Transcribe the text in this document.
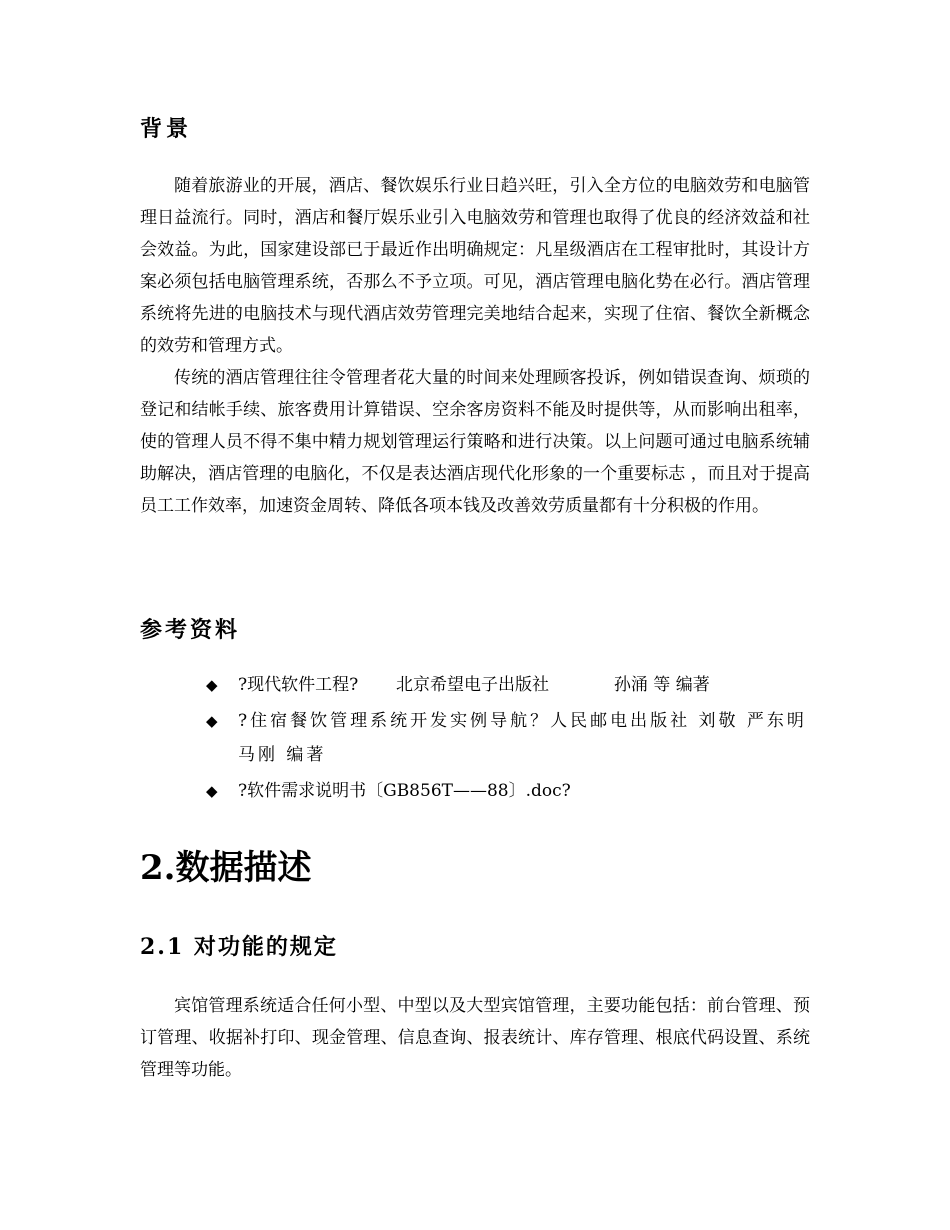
背景

随着旅游业的开展，酒店、餐饮娱乐行业日趋兴旺，引入全方位的电脑效劳和电脑管理日益流行。同时，酒店和餐厅娱乐业引入电脑效劳和管理也取得了优良的经济效益和社会效益。为此，国家建设部已于最近作出明确规定：凡星级酒店在工程审批时，其设计方案必须包括电脑管理系统，否那么不予立项。可见，酒店管理电脑化势在必行。酒店管理系统将先进的电脑技术与现代酒店效劳管理完美地结合起来，实现了住宿、餐饮全新概念的效劳和管理方式。

传统的酒店管理往往令管理者花大量的时间来处理顾客投诉，例如错误查询、烦琐的登记和结帐手续、旅客费用计算错误、空余客房资料不能及时提供等，从而影响出租率，使的管理人员不得不集中精力规划管理运行策略和进行决策。以上问题可通过电脑系统辅助解决，酒店管理的电脑化，不仅是表达酒店现代化形象的一个重要标志 ，而且对于提高员工工作效率，加速资金周转、降低各项本钱及改善效劳质量都有十分积极的作用。

参考资料
◆ ?现代软件工程?       北京希望电子出版社            孙涌 等 编著
◆ ?住宿餐饮管理系统开发实例导航？人民邮电出版社 刘敬 严东明 马刚 编著
◆ ?软件需求说明书〔GB856T——88〕.doc?
2.数据描述
2.1 对功能的规定

宾馆管理系统适合任何小型、中型以及大型宾馆管理，主要功能包括：前台管理、预订管理、收据补打印、现金管理、信息查询、报表统计、库存管理、根底代码设置、系统管理等功能。
